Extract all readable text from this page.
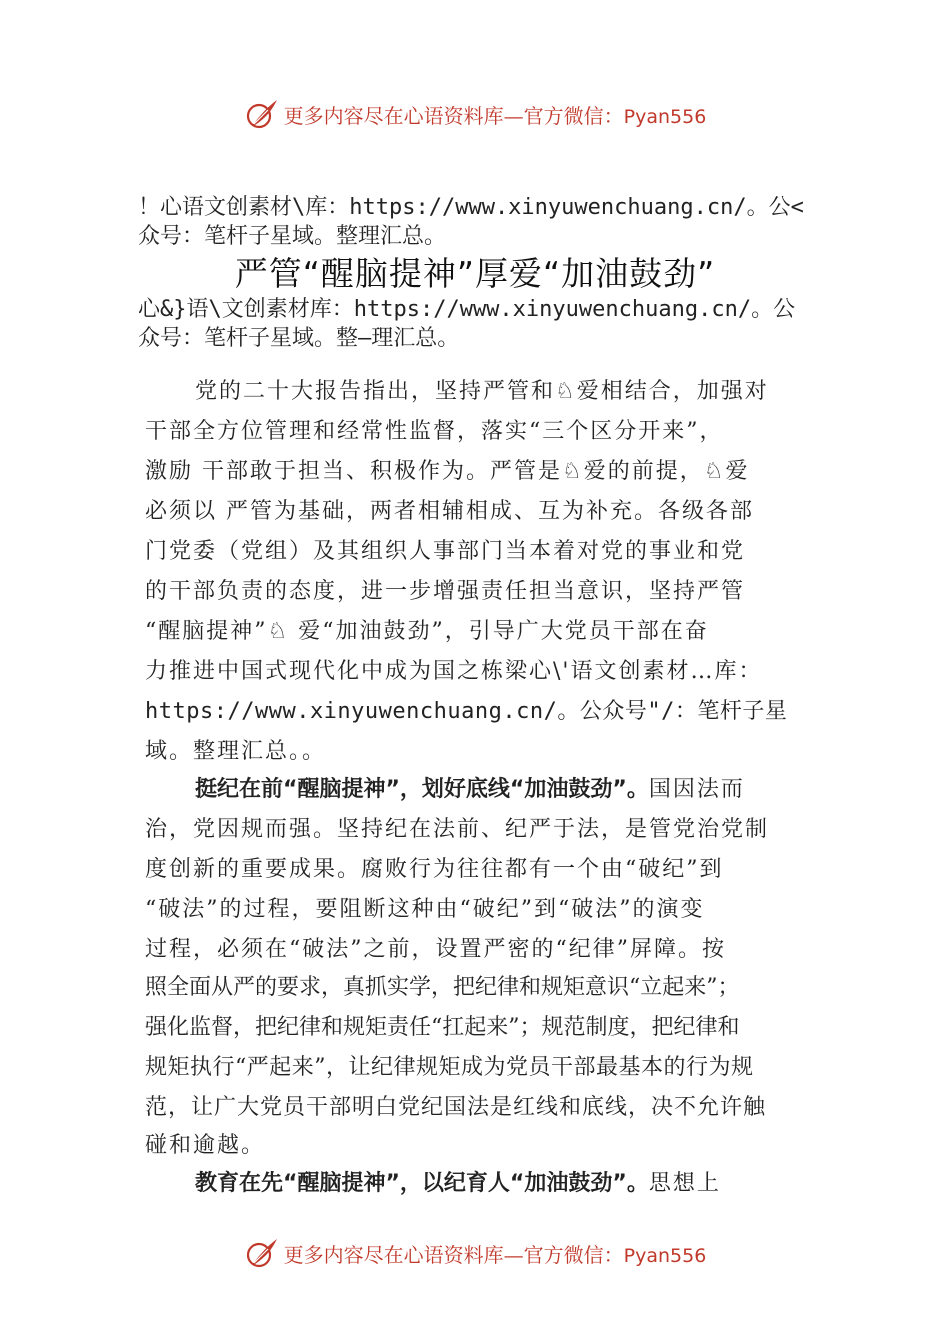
更多内容尽在心语资料库—官方微信：Pyan556
！心语文创素材\库：https://www.xinyuwenchuang.cn/。公<
众号：笔杆子星域。整理汇总。
严管“醒脑提神”厚爱“加油鼓劲”
心&}语\文创素材库：https://www.xinyuwenchuang.cn/。公
众号：笔杆子星域。整—理汇总。
党的二十大报告指出，坚持严管和♘爱相结合，加强对
干部全方位管理和经常性监督，落实“三个区分开来”，
激励 干部敢于担当、积极作为。严管是♘爱的前提，♘爱
必须以 严管为基础，两者相辅相成、互为补充。各级各部
门党委（党组）及其组织人事部门当本着对党的事业和党
的干部负责的态度，进一步增强责任担当意识，坚持严管
“醒脑提神”♘ 爱“加油鼓劲”，引导广大党员干部在奋
力推进中国式现代化中成为国之栋梁心\'语文创素材…库：
https://www.xinyuwenchuang.cn/。公众号"/：笔杆子星
域。整理汇总。。
挺纪在前“醒脑提神”，划好底线“加油鼓劲”。国因法而
治，党因规而强。坚持纪在法前、纪严于法，是管党治党制
度创新的重要成果。腐败行为往往都有一个由“破纪”到
“破法”的过程，要阻断这种由“破纪”到“破法”的演变
过程，必须在“破法”之前，设置严密的“纪律”屏障。按
照全面从严的要求，真抓实学，把纪律和规矩意识“立起来”；
强化监督，把纪律和规矩责任“扛起来”；规范制度，把纪律和
规矩执行“严起来”，让纪律规矩成为党员干部最基本的行为规
范，让广大党员干部明白党纪国法是红线和底线，决不允许触
碰和逾越。
教育在先“醒脑提神”，以纪育人“加油鼓劲”。思想上
更多内容尽在心语资料库—官方微信：Pyan556
